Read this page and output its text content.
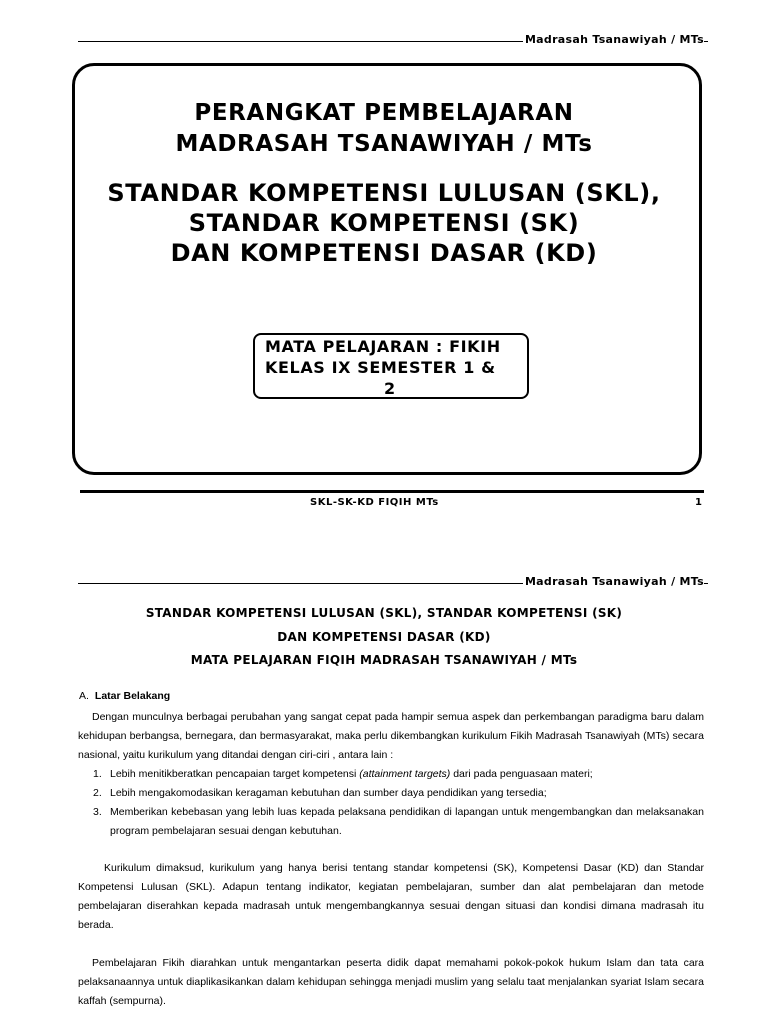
Madrasah Tsanawiyah / MTs
PERANGKAT PEMBELAJARAN
MADRASAH TSANAWIYAH / MTs
STANDAR KOMPETENSI LULUSAN (SKL),
STANDAR KOMPETENSI (SK)
DAN KOMPETENSI DASAR (KD)
MATA PELAJARAN : FIKIH
KELAS IX SEMESTER 1 &
2
SKL-SK-KD FIQIH MTs	1
Madrasah Tsanawiyah / MTs
STANDAR KOMPETENSI LULUSAN (SKL), STANDAR KOMPETENSI (SK)
DAN KOMPETENSI DASAR (KD)
MATA PELAJARAN FIQIH MADRASAH TSANAWIYAH / MTs
A. Latar Belakang
Dengan munculnya berbagai perubahan yang sangat cepat pada hampir semua aspek dan perkembangan paradigma baru dalam kehidupan berbangsa, bernegara, dan bermasyarakat, maka perlu dikembangkan kurikulum Fikih Madrasah Tsanawiyah (MTs) secara nasional, yaitu kurikulum yang ditandai dengan ciri-ciri , antara lain :
1. Lebih menitikberatkan pencapaian target kompetensi (attainment targets) dari pada penguasaan materi;
2. Lebih mengakomodasikan keragaman kebutuhan dan sumber daya pendidikan yang tersedia;
3. Memberikan kebebasan yang lebih luas kepada pelaksana pendidikan di lapangan untuk mengembangkan dan melaksanakan program pembelajaran sesuai dengan kebutuhan.
Kurikulum dimaksud, kurikulum yang hanya berisi tentang standar kompetensi (SK), Kompetensi Dasar (KD) dan Standar Kompetensi Lulusan (SKL). Adapun tentang indikator, kegiatan pembelajaran, sumber dan alat pembelajaran dan metode pembelajaran diserahkan kepada madrasah untuk mengembangkannya sesuai dengan situasi dan kondisi dimana madrasah itu berada.
Pembelajaran Fikih diarahkan untuk mengantarkan peserta didik dapat memahami pokok-pokok hukum Islam dan tata cara pelaksanaannya untuk diaplikasikankan dalam kehidupan sehingga menjadi muslim yang selalu taat menjalankan syariat Islam secara kaffah (sempurna).
